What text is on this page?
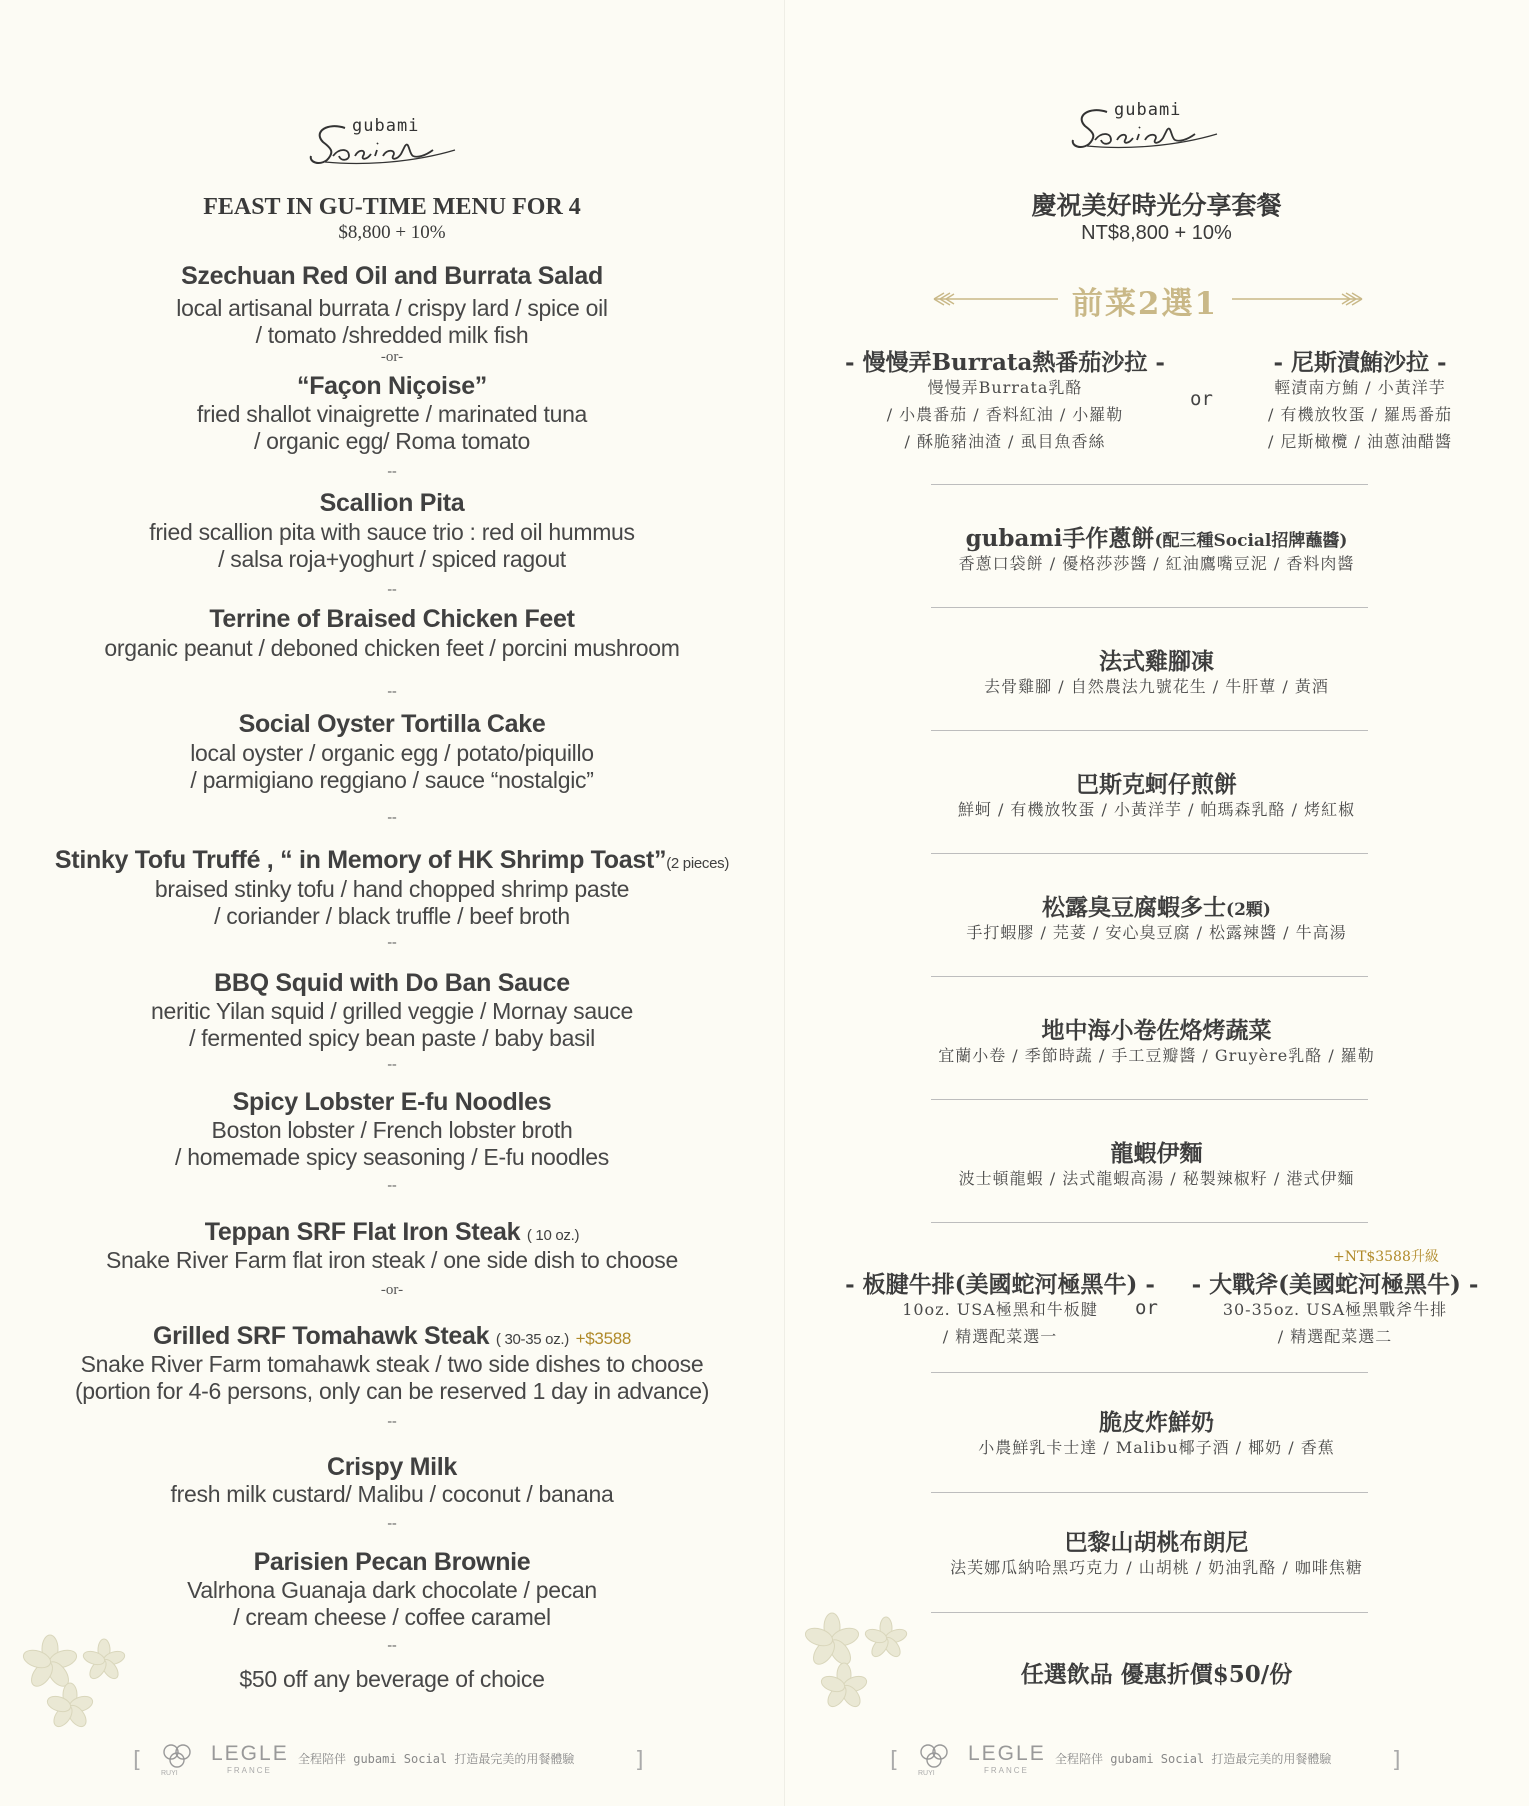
gubami
FEAST IN GU-TIME MENU FOR 4
$8,800 + 10%
Szechuan Red Oil and Burrata Salad
local artisanal burrata / crispy lard / spice oil
/ tomato /shredded milk fish
-or-
“Façon Niçoise”
fried shallot vinaigrette / marinated tuna
/ organic egg/ Roma tomato
--
Scallion Pita
fried scallion pita with sauce trio : red oil hummus
/ salsa roja+yoghurt / spiced ragout
--
Terrine of Braised Chicken Feet
organic peanut / deboned chicken feet / porcini mushroom
--
Social Oyster Tortilla Cake
local oyster / organic egg / potato/piquillo
/ parmigiano reggiano / sauce “nostalgic”
--
Stinky Tofu Truffé , “ in Memory of HK Shrimp Toast”(2 pieces)
braised stinky tofu / hand chopped shrimp paste
/ coriander / black truffle / beef broth
--
BBQ Squid with Do Ban Sauce
neritic Yilan squid / grilled veggie / Mornay sauce
/ fermented spicy bean paste / baby basil
--
Spicy Lobster E-fu Noodles
Boston lobster / French lobster broth
/ homemade spicy seasoning / E-fu noodles
--
Teppan SRF Flat Iron Steak ( 10 oz.)
Snake River Farm flat iron steak / one side dish to choose
-or-
Grilled SRF Tomahawk Steak ( 30-35 oz.) +$3588
Snake River Farm tomahawk steak / two side dishes to choose
(portion for 4-6 persons, only can be reserved 1 day in advance)
--
Crispy Milk
fresh milk custard/ Malibu / coconut / banana
--
Parisien Pecan Brownie
Valrhona Guanaja dark chocolate / pecan
/ cream cheese / coffee caramel
--
$50 off any beverage of choice
[
RUYI
LEGLE
FRANCE
全程陪伴 gubami Social 打造最完美的用餐體驗	]
gubami
慶祝美好時光分享套餐
NT$8,800 + 10%
前菜2選1
- 慢慢弄Burrata熱番茄沙拉 -
慢慢弄Burrata乳酪
/ 小農番茄 / 香料紅油 / 小羅勒
/ 酥脆豬油渣 / 虱目魚香絲
or
- 尼斯漬鮪沙拉 -
輕漬南方鮪 / 小黃洋芋
/ 有機放牧蛋 / 羅馬番茄
/ 尼斯橄欖 / 油蔥油醋醬
gubami手作蔥餅(配三種Social招牌蘸醬)
香蔥口袋餅 / 優格莎莎醬 / 紅油鷹嘴豆泥 / 香料肉醬
法式雞腳凍
去骨雞腳 / 自然農法九號花生 / 牛肝蕈 / 黃酒
巴斯克蚵仔煎餅
鮮蚵 / 有機放牧蛋 / 小黃洋芋 / 帕瑪森乳酪 / 烤紅椒
松露臭豆腐蝦多士(2顆)
手打蝦膠 / 芫荽 / 安心臭豆腐 / 松露辣醬 / 牛高湯
地中海小卷佐烙烤蔬菜
宜蘭小卷 / 季節時蔬 / 手工豆瓣醬 / Gruyère乳酪 / 羅勒
龍蝦伊麵
波士頓龍蝦 / 法式龍蝦高湯 / 秘製辣椒籽 / 港式伊麵
+NT$3588升級
- 板腱牛排(美國蛇河極黑牛) -
10oz. USA極黑和牛板腱
/ 精選配菜選一
or
- 大戰斧(美國蛇河極黑牛) -
30-35oz. USA極黑戰斧牛排
/ 精選配菜選二
脆皮炸鮮奶
小農鮮乳卡士達 / Malibu椰子酒 / 椰奶 / 香蕉
巴黎山胡桃布朗尼
法芙娜瓜納哈黑巧克力 / 山胡桃 / 奶油乳酪 / 咖啡焦糖
任選飲品 優惠折價$50/份
[
RUYI
LEGLE
FRANCE
全程陪伴 gubami Social 打造最完美的用餐體驗	]
